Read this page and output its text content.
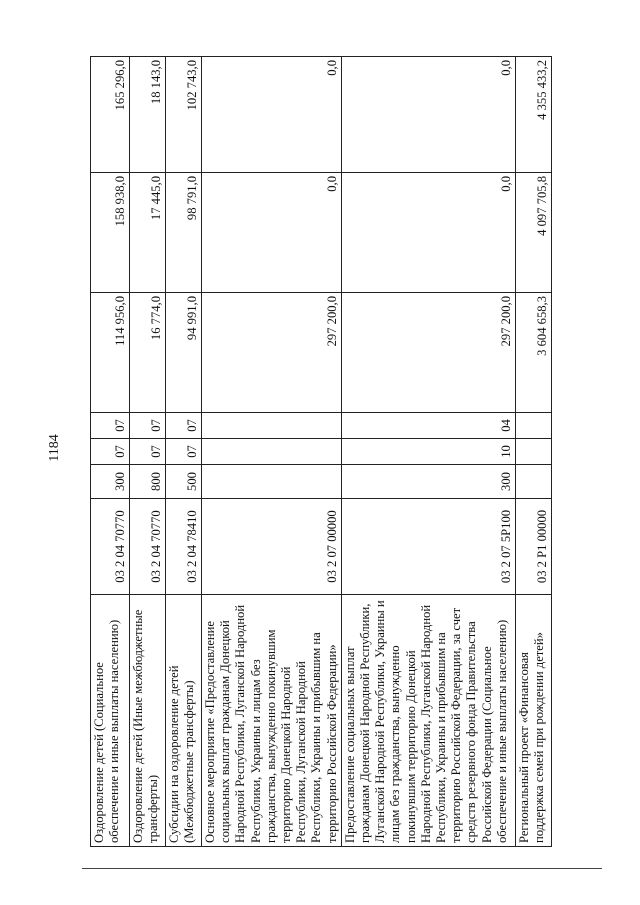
1184
Оздоровление детей (Социальное обеспечение и иные выплаты населению)	03 2 04 70770	300	07	07	114 956,0	158 938,0	165 296,0
Оздоровление детей (Иные межбюджетные трансферты)	03 2 04 70770	800	07	07	16 774,0	17 445,0	18 143,0
Субсидии на оздоровление детей (Межбюджетные трансферты)	03 2 04 78410	500	07	07	94 991,0	98 791,0	102 743,0
Основное мероприятие «Предоставление социальных выплат гражданам Донецкой Народной Республики, Луганской Народной Республики, Украины и лицам без гражданства, вынужденно покинувшим территорию Донецкой Народной Республики, Луганской Народной Республики, Украины и прибывшим на территорию Российской Федерации»	03 2 07 00000				297 200,0	0,0	0,0
Предоставление социальных выплат гражданам Донецкой Народной Республики, Луганской Народной Республики, Украины и лицам без гражданства, вынужденно покинувшим территорию Донецкой Народной Республики, Луганской Народной Республики, Украины и прибывшим на территорию Российской Федерации, за счет средств резервного фонда Правительства Российской Федерации (Социальное обеспечение и иные выплаты населению)	03 2 07 5Р100	300	10	04	297 200,0	0,0	0,0
Региональный проект «Финансовая поддержка семей при рождении детей»	03 2 Р1 00000				3 604 658,3	4 097 705,8	4 355 433,2
